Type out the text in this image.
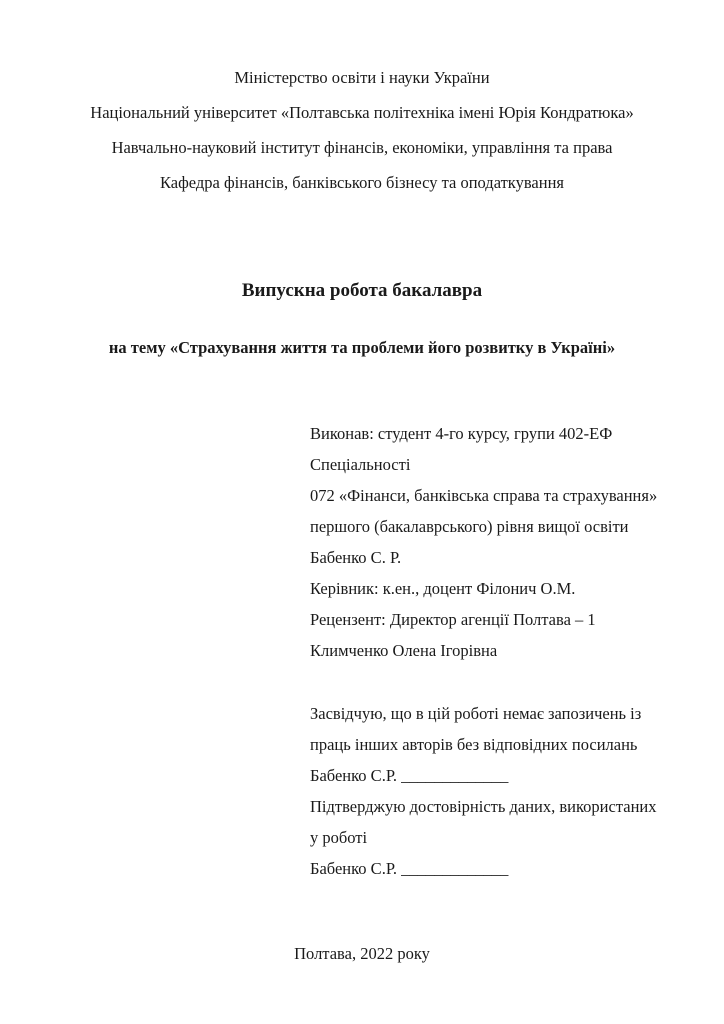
Міністерство освіти і науки України
Національний університет «Полтавська політехніка імені Юрія Кондратюка»
Навчально-науковий інститут фінансів, економіки, управління та права
Кафедра фінансів, банківського бізнесу та оподаткування
Випускна робота бакалавра
на тему «Страхування життя та проблеми його розвитку в Україні»
Виконав: студент 4-го курсу, групи 402-ЕФ
Спеціальності
072 «Фінанси, банківська справа та страхування»
першого (бакалаврського) рівня вищої освіти
Бабенко С. Р.
Керівник: к.ен., доцент Філонич О.М.
Рецензент: Директор агенції Полтава – 1
Климченко Олена Ігорівна
Засвідчую, що в цій роботі немає запозичень із
праць інших авторів без відповідних посилань
Бабенко С.Р. _____________
Підтверджую достовірність даних, використаних
у роботі
Бабенко С.Р. _____________
Полтава, 2022 року
